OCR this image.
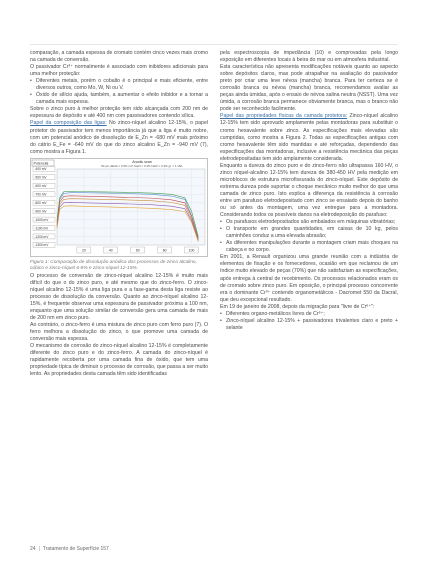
comparação, a camada espessa de cromato contém cinco vezes mais cromo na camada de conversão.

O passivador Cr³⁺ normalmente é associado com inibidores adicionais para uma melhor proteção:

• Diferentes metais, porém o cobalto é o principal e mais eficiente, entre diversos outros, como Mo, W, Ni ou V.
• Óxido de silício ajuda, também, a aumentar o efeito inibidor e a tornar a camada mais espessa.

Sobre o zinco puro à melhor proteção tem sido alcançada com 200 nm de espessura de depósito e até 400 nm com passivadores contendo sílica.

Papel da composição das ligas: No zinco-níquel alcalino 12-15%, o papel protetor do passivador tem menos importância já que a liga é muito nobre, com um potencial anódico de dissolução de E_Zn = -680 mV mais próximo do cátrio E_Fe = -640 mV do que do zinco alcalino E_Zn = -940 mV (7), como mostra a Figura 1.

Potencial	Anodic scan
50 μA; ΔE/Δt = 0.5% mV; NaCl = 0.3% NaCl = 0.3% gl. = 1.15/L
-400 mV
-500 mV
-600 mV
-700 mV
-800 mV
-900 mV
-1000 mV
-1100 mV
-1200 mV
-1300 mV
20	40	60	80	100

Figura 1: Comparação de dissolução anódica dos processos de zinco alcalino, cúbico e zinco-níquel 6-8% e zinco-níquel 12-15%.

O processo de conversão de zinco-níquel alcalino 12-15% é muito mais difícil do que o do zinco puro, e até mesmo que do zinco-ferro. O zinco-níquel alcalino 12-15% é uma liga pura e a fase-gama desta liga resiste ao processo de dissolução da conversão. Quanto ao zinco-níquel alcalino 12-15%, é frequente observar uma espessura de passivador próxima a 100 nm, enquanto que uma solução similar de conversão gera uma camada de mais de 200 nm em zinco puro.

Ao contrário, o zinco-ferro é uma mistura de zinco puro com ferro puro (7). O ferro melhora a dissolução do zinco, o que promove uma camada de conversão mais espessa.

O mecanismo de corrosão do zinco-níquel alcalino 12-15% é completamente diferente do zinco puro e do zinco-ferro. A camada do zinco-níquel é rapidamente recoberta por uma camada fina de óxido, que tem uma propriedade típica de diminuir o processo de corrosão, que passa a ser muito lento. As propriedades desta camada têm sido identificadas

pela espectroscopia de impedância (10) e comprovadas pela longo exposição em diferentes locais à beira do mar ou em atmosfera industrial.

Esta característica não apresenta modificações notáveis quanto ao aspecto sobre depósitos claros, mas pode atrapalhar na avaliação do passivador preto por criar uma leve névoa (mancha) branca. Para ter certeza se é corrosão branca ou névoa (mancha) branca, recomendamos avaliar as peças ainda úmidas, após o ensaio de névoa salina neutra (NSST). Uma vez úmida, a corrosão branca permanece obviamente branca, mas o branco não pode ser reconhecido facilmente.

Papel das propriedades físicas da camada protetora: Zinco-níquel alcalino 12-15% tem sido aprovado amplamente pelas montadoras para substituir o cromo hexavalente sobre zinco. As especificações mais elevadas são cumpridas, como mostra a Figura 2. Todas as especificações antigas com cromo hexavalente têm sido mantidas e até reforçadas, dependendo das especificações das montadoras, inclusive a resistência mecânica das peças eletrodepositadas tem sido amplamente considerada.

Enquanto a dureza do zinco puro e do zinco-ferro não ultrapassa 160 HV, o zinco níquel-alcalino 12-15% tem dureza de 380-450 HV pela medição em microblocos de estrutura microfissurada do zinco-níquel. Este depósito de extrema dureza pode suportar o choque mecânico muito melhor do que uma camada de zinco puro. Isto explica a diferença da resistência à corrosão entre um parafuso eletrodepositado com zinco se ensaiado depois do banho ou só antes da montagem, uma vez entregue para a montadora. Considerando todos os possíveis danos na eletrodeposição do parafuso:

• Os parafusos eletrodepositados são embalados em máquinas vibratórias;
• O transporte em grandes quantidades, em caixas de 10 kg, pelos caminhões conduz a uma elevada abrasão;
• As diferentes manipulações durante a montagem criam mais choques na cabeça e no corpo.

Em 2001, a Renault organizou uma grande reunião com a indústria de elementos de fixação e os fornecedores, ocasião em que reclamou de um índice muito elevado de peças (70%) que não satisfaziam as especificações, após entrega à central de recebimento. Os processos relacionados eram os de cromato sobre zinco puro. Em oposição, o principal processo concorrente era o dominante Cr³⁺ contendo organometálicos - Dacromet 550 da Dacral, que deu excepcional resultado.

Em 19 de janeiro de 2008, depois da migração para "livre de Cr⁶⁺":

• Diferentes organo-metálicos livres de Cr⁶⁺;
• Zinco-níquel alcalino 12-15% + passivadores trivalentes claro e preto + selante
24 | Tratamento de Superfície 157
